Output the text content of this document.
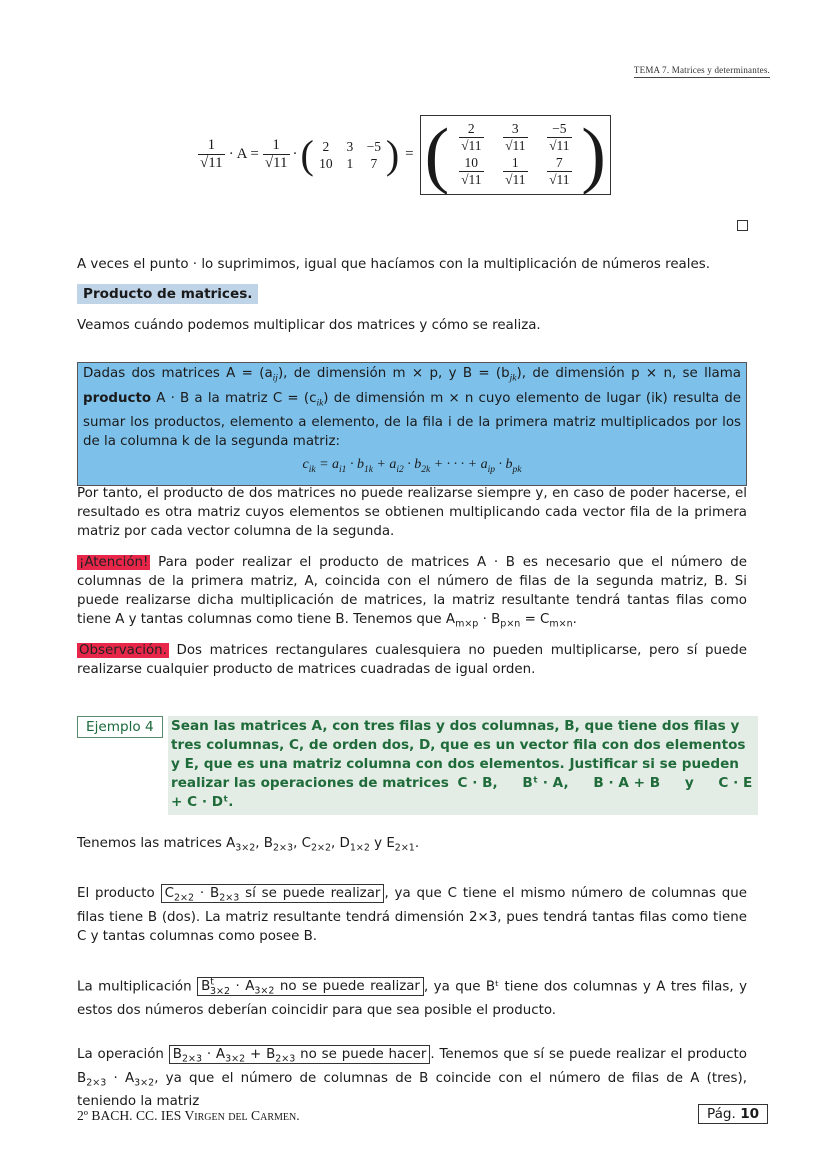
TEMA 7. Matrices y determinantes.
$\frac{1}{√11} \cdot A = \frac{1}{√11}$ · ( 2 3 −5
10 1 7 ) = ( $\frac{2}{√11} \frac{3}{√11} \frac{-5}{√11}$
$\frac{10}{√11} \frac{1}{√11} \frac{7}{√11}$ )
A veces el punto · lo suprimimos, igual que hacíamos con la multiplicación de números reales.
Producto de matrices.
Veamos cuándo podemos multiplicar dos matrices y cómo se realiza.
Dadas dos matrices $A = (a_{ij})$, de dimensión m × p, y $B = (b_{jk})$, de dimensión p × n, se llama producto A · B a la matriz $C = (c_{ik})$ de dimensión m × n cuyo elemento de lugar (ik) resulta de sumar los productos, elemento a elemento, de la fila i de la primera matriz multiplicados por los de la columna k de la segunda matriz:
$c_{ik} = a_{i1} \cdot b_{1k} + a_{i2} \cdot b_{2k}$ + · · · + $a_{ip} \cdot b_{pk}$
Por tanto, el producto de dos matrices no puede realizarse siempre y, en caso de poder hacerse, el resultado es otra matriz cuyos elementos se obtienen multiplicando cada vector fila de la primera matriz por cada vector columna de la segunda.
¡Atención! Para poder realizar el producto de matrices A · B es necesario que el número de columnas de la primera matriz, A, coincida con el número de filas de la segunda matriz, B. Si puede realizarse dicha multiplicación de matrices, la matriz resultante tendrá tantas filas como tiene A y tantas columnas como tiene B. Tenemos que $A_{m\times p} \cdot B_{p\times n} = C_{m\times n}$.
Observación. Dos matrices rectangulares cualesquiera no pueden multiplicarse, pero sí puede realizarse cualquier producto de matrices cuadradas de igual orden.
Ejemplo 4	Sean las matrices A, con tres filas y dos columnas, B, que tiene dos filas y tres columnas, C, de orden dos, D, que es un vector fila con dos elementos y E, que es una matriz columna con dos elementos. Justificar si se pueden realizar las operaciones de matrices C · B, Bᵗ · A, B · A + B y C · E + C · Dᵗ.
Tenemos las matrices $A_{3\times 2}$, $B_{2\times 3}$, $C_{2\times 2}$, $D_{1\times 2}$ y $E_{2\times 1}$.
El producto $C_{2\times 2} \cdot B_{2\times 3}$ sí se puede realizar , ya que C tiene el mismo número de columnas que filas tiene B (dos). La matriz resultante tendrá dimensión 2×3, pues tendrá tantas filas como tiene C y tantas columnas como posee B.
La multiplicación $B^t_{3\times 2} \cdot A_{3\times 2}$ no se puede realizar , ya que Bᵗ tiene dos columnas y A tres filas, y estos dos números deberían coincidir para que sea posible el producto.
La operación $B_{2\times 3} \cdot A_{3\times 2} + B_{2\times 3}$ no se puede hacer . Tenemos que sí se puede realizar el producto $B_{2\times 3} \cdot A_{3\times 2}$, ya que el número de columnas de B coincide con el número de filas de A (tres), teniendo la matriz
2º BACH. CC. IES Virgen del Carmen.	Pág. 10
